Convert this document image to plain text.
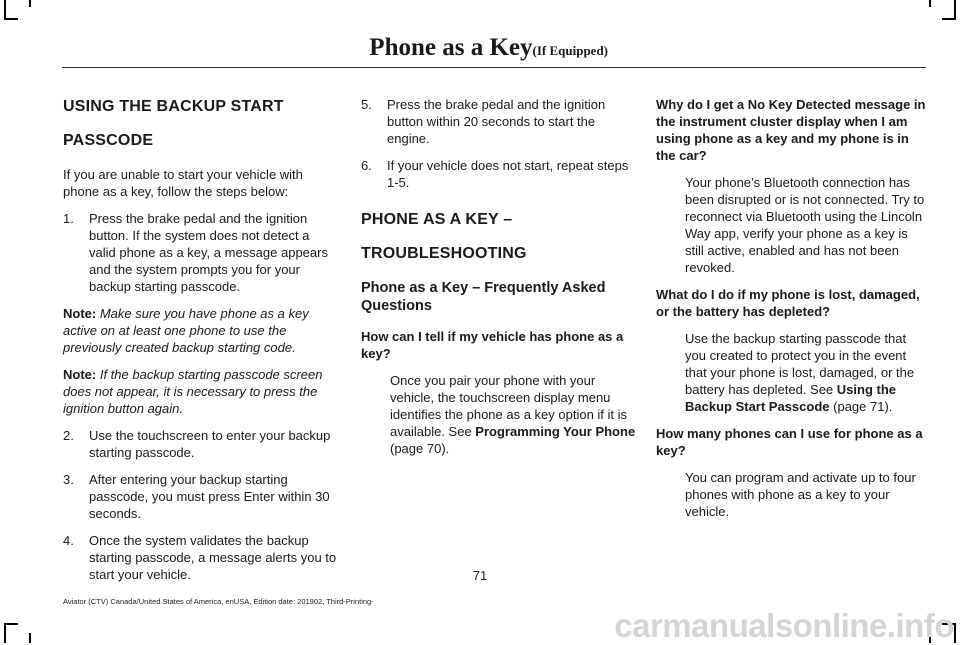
Phone as a Key(If Equipped)
USING THE BACKUP START
PASSCODE

If you are unable to start your vehicle with phone as a key, follow the steps below:

1.	Press the brake pedal and the ignition button. If the system does not detect a valid phone as a key, a message appears and the system prompts you for your backup starting passcode.

Note: Make sure you have phone as a key active on at least one phone to use the previously created backup starting code.

Note: If the backup starting passcode screen does not appear, it is necessary to press the ignition button again.

2.	Use the touchscreen to enter your backup starting passcode.
3.	After entering your backup starting passcode, you must press Enter within 30 seconds.
4.	Once the system validates the backup starting passcode, a message alerts you to start your vehicle.
5.	Press the brake pedal and the ignition button within 20 seconds to start the engine.
6.	If your vehicle does not start, repeat steps 1-5.
PHONE AS A KEY –
TROUBLESHOOTING
Phone as a Key – Frequently Asked Questions

How can I tell if my vehicle has phone as a key?

Once you pair your phone with your vehicle, the touchscreen display menu identifies the phone as a key option if it is available. See Programming Your Phone (page 70).

Why do I get a No Key Detected message in the instrument cluster display when I am using phone as a key and my phone is in the car?

Your phone’s Bluetooth connection has been disrupted or is not connected. Try to reconnect via Bluetooth using the Lincoln Way app, verify your phone as a key is still active, enabled and has not been revoked.

What do I do if my phone is lost, damaged, or the battery has depleted?

Use the backup starting passcode that you created to protect you in the event that your phone is lost, damaged, or the battery has depleted. See Using the Backup Start Passcode (page 71).

How many phones can I use for phone as a key?

You can program and activate up to four phones with phone as a key to your vehicle.

71
Aviator (CTV) Canada/United States of America, enUSA, Edition date: 201902, Third-Printing-
carmanualsonline.info
